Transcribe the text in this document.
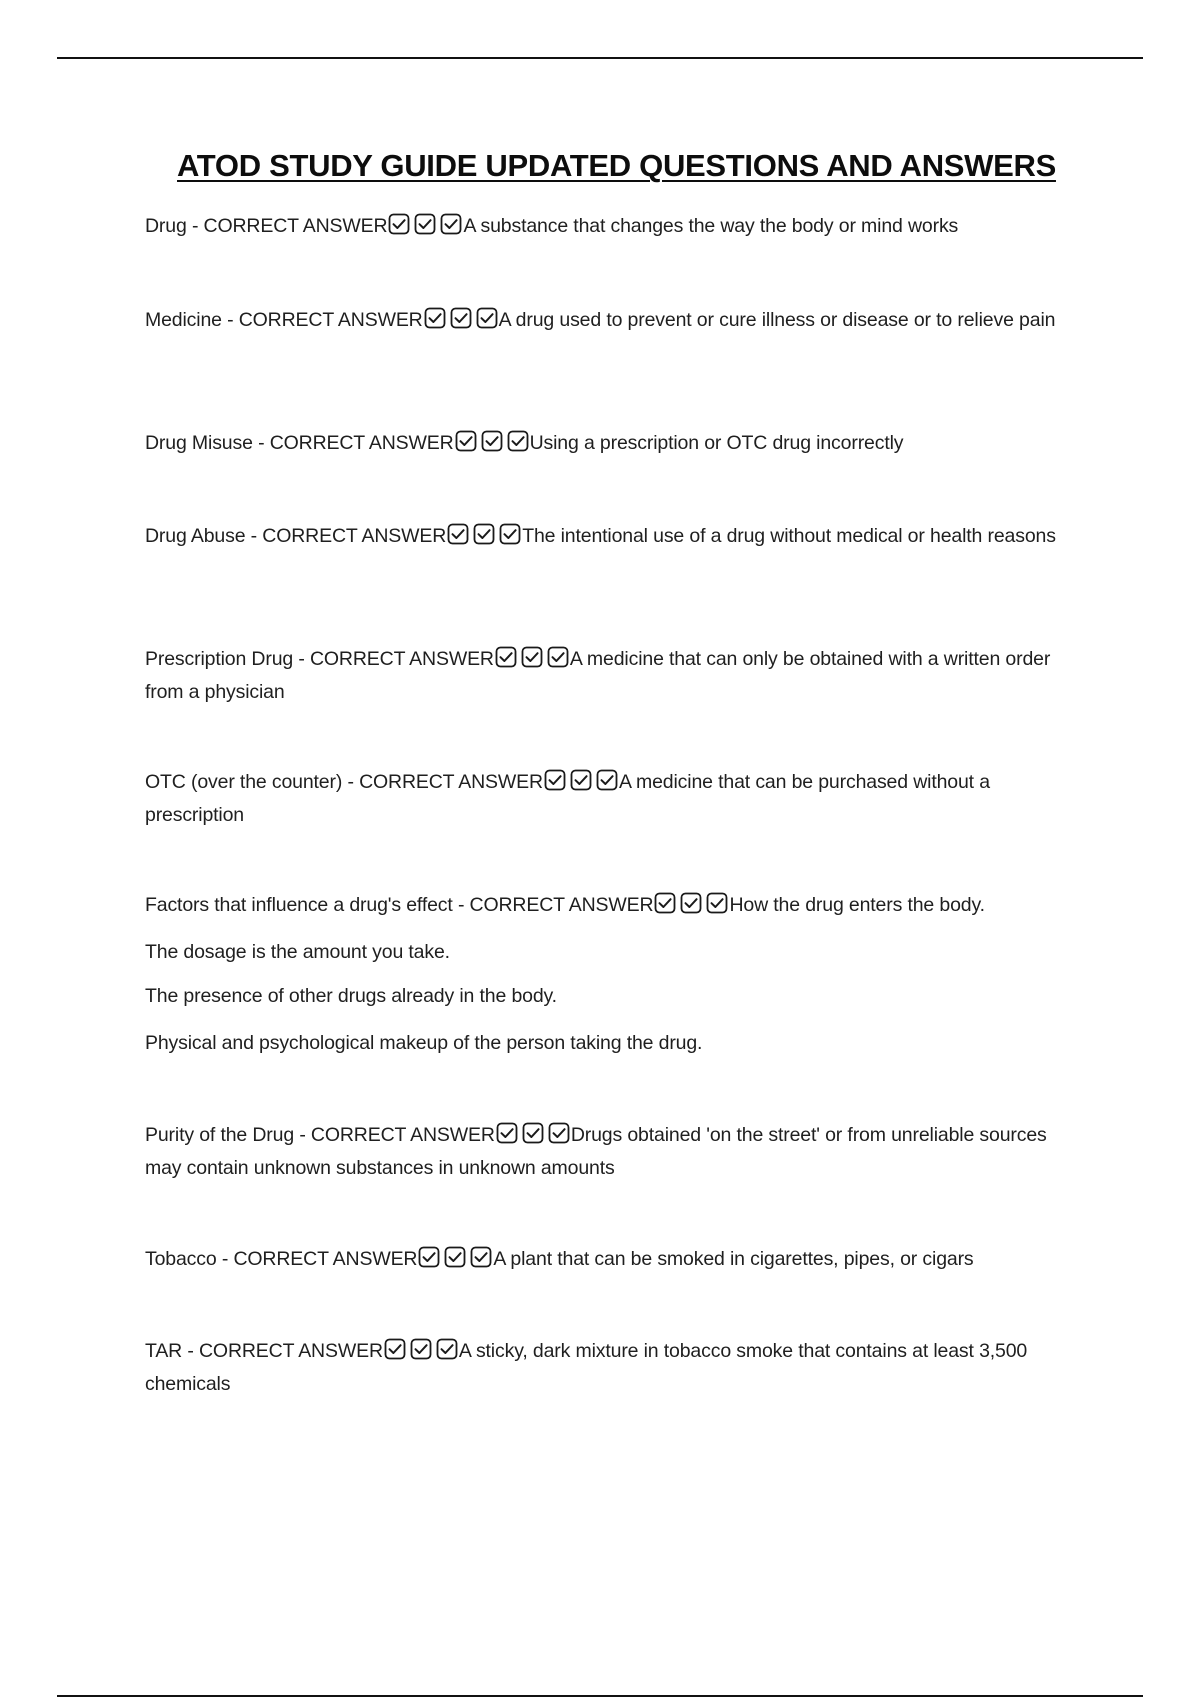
ATOD STUDY GUIDE UPDATED QUESTIONS AND ANSWERS
Drug - CORRECT ANSWER	A substance that changes the way the body or mind works
Medicine - CORRECT ANSWER	A drug used to prevent or cure illness or disease or to relieve pain
Drug Misuse - CORRECT ANSWER	Using a prescription or OTC drug incorrectly
Drug Abuse - CORRECT ANSWER	The intentional use of a drug without medical or health reasons
Prescription Drug - CORRECT ANSWER	A medicine that can only be obtained with a written order from a physician
OTC (over the counter) - CORRECT ANSWER	A medicine that can be purchased without a prescription
Factors that influence a drug's effect - CORRECT ANSWER	How the drug enters the body.
The dosage is the amount you take.
The presence of other drugs already in the body.
Physical and psychological makeup of the person taking the drug.
Purity of the Drug - CORRECT ANSWER	Drugs obtained 'on the street' or from unreliable sources may contain unknown substances in unknown amounts
Tobacco - CORRECT ANSWER	A plant that can be smoked in cigarettes, pipes, or cigars
TAR - CORRECT ANSWER	A sticky, dark mixture in tobacco smoke that contains at least 3,500 chemicals
